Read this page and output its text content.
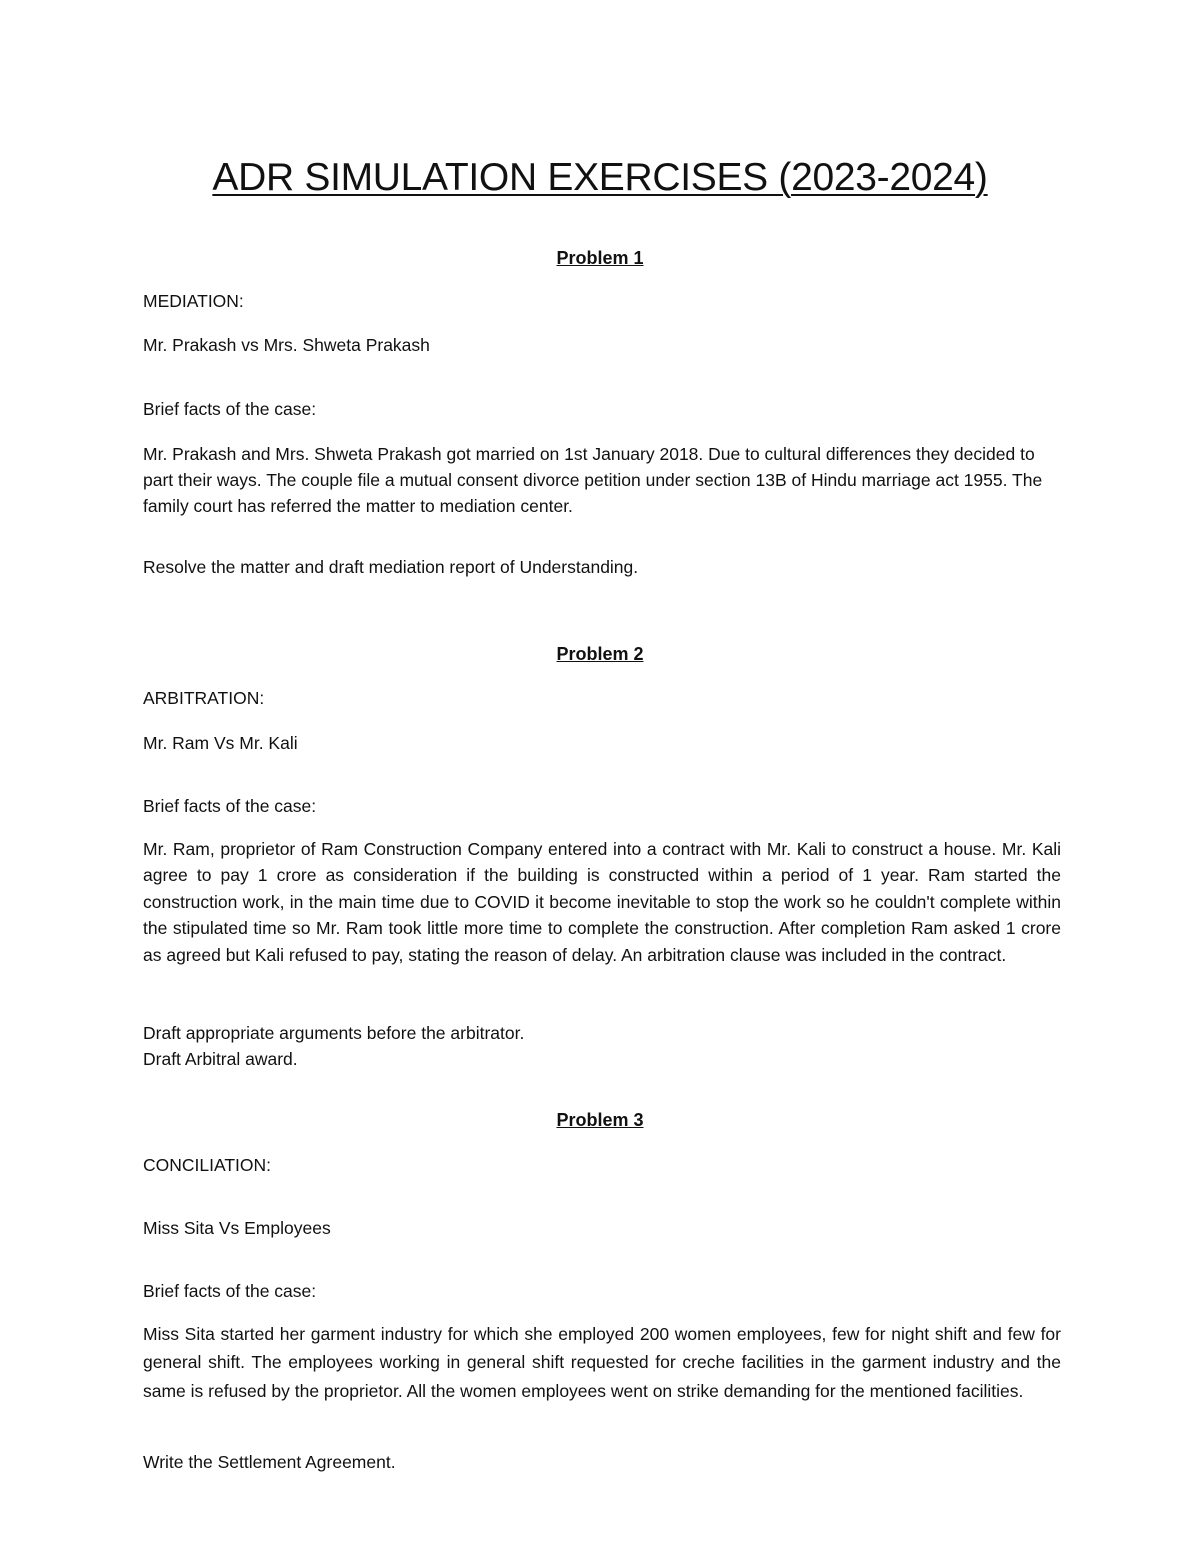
ADR SIMULATION EXERCISES (2023-2024)
Problem 1
MEDIATION:
Mr. Prakash vs Mrs. Shweta Prakash
Brief facts of the case:
Mr. Prakash and Mrs. Shweta Prakash got married on 1st January 2018. Due to cultural differences they decided to part their ways. The couple file a mutual consent divorce petition under section 13B of Hindu marriage act 1955. The family court has referred the matter to mediation center.
Resolve the matter and draft mediation report of Understanding.
Problem 2
ARBITRATION:
Mr. Ram Vs Mr. Kali
Brief facts of the case:
Mr. Ram, proprietor of Ram Construction Company entered into a contract with Mr. Kali to construct a house. Mr. Kali agree to pay 1 crore as consideration if the building is constructed within a period of 1 year. Ram started the construction work, in the main time due to COVID it become inevitable to stop the work so he couldn't complete within the stipulated time so Mr. Ram took little more time to complete the construction. After completion Ram asked 1 crore as agreed but Kali refused to pay, stating the reason of delay. An arbitration clause was included in the contract.
Draft appropriate arguments before the arbitrator.
Draft Arbitral award.
Problem 3
CONCILIATION:
Miss Sita Vs Employees
Brief facts of the case:
Miss Sita started her garment industry for which she employed 200 women employees, few for night shift and few for general shift. The employees working in general shift requested for creche facilities in the garment industry and the same is refused by the proprietor. All the women employees went on strike demanding for the mentioned facilities.
Write the Settlement Agreement.
